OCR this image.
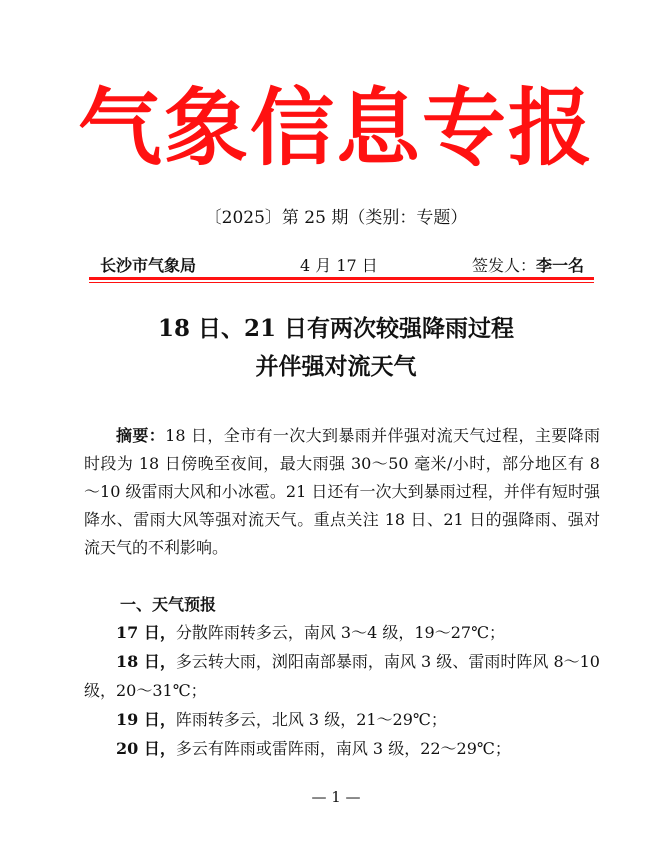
气象信息专报
〔2025〕第 25 期（类别：专题）
长沙市气象局	4 月 17 日	签发人：李一名
18 日、21 日有两次较强降雨过程
并伴强对流天气

摘要：18 日，全市有一次大到暴雨并伴强对流天气过程，主要降雨时段为 18 日傍晚至夜间，最大雨强 30～50 毫米/小时，部分地区有 8～10 级雷雨大风和小冰雹。21 日还有一次大到暴雨过程，并伴有短时强降水、雷雨大风等强对流天气。重点关注 18 日、21 日的强降雨、强对流天气的不利影响。

一、天气预报

17 日，分散阵雨转多云，南风 3～4 级，19～27℃；

18 日，多云转大雨，浏阳南部暴雨，南风 3 级、雷雨时阵风 8～10 级，20～31℃；

19 日，阵雨转多云，北风 3 级，21～29℃；

20 日，多云有阵雨或雷阵雨，南风 3 级，22～29℃；

— 1 —
